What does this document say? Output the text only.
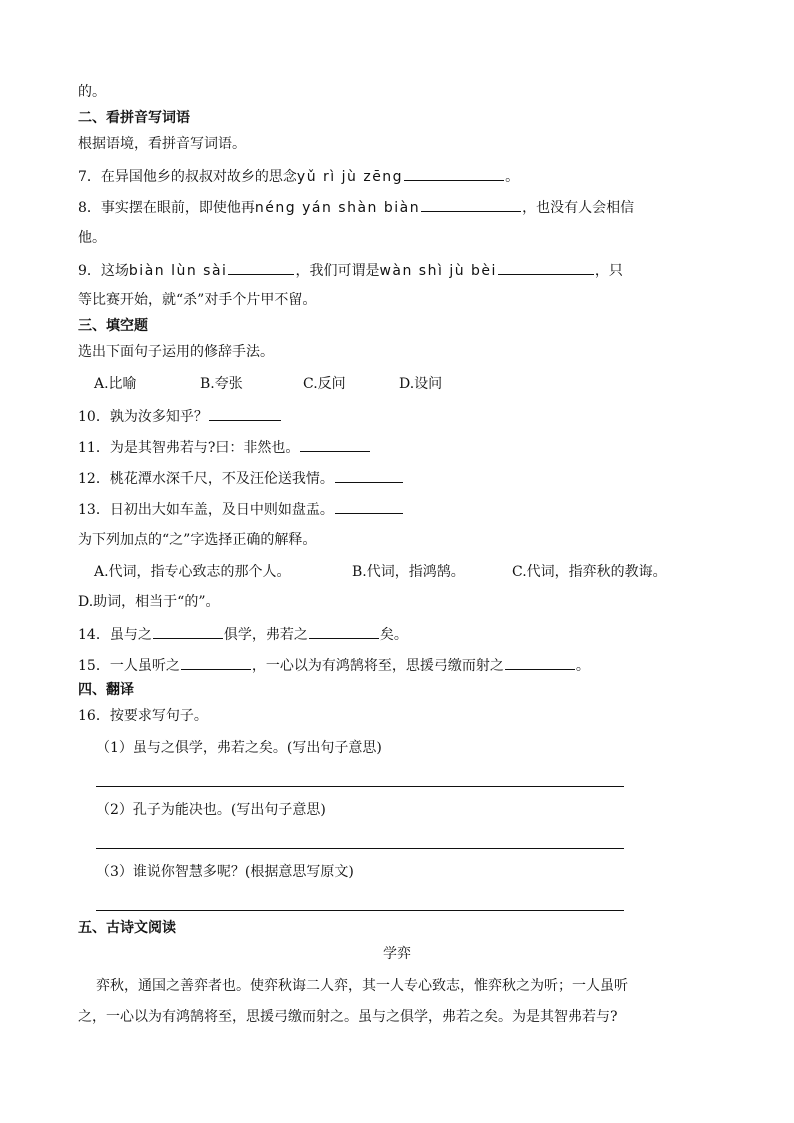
的。
二、看拼音写词语
根据语境，看拼音写词语。
7．在异国他乡的叔叔对故乡的思念yǔ rì jù zēng	。
8．事实摆在眼前，即使他再néng yán shàn biàn	，也没有人会相信
他。
9．这场biàn lùn sài	，我们可谓是wàn shì jù bèi	，只
等比赛开始，就“杀”对手个片甲不留。
三、填空题
选出下面句子运用的修辞手法。
A.比喻	B.夸张	C.反问	D.设问
10．孰为汝多知乎？
11．为是其智弗若与?曰：非然也。
12．桃花潭水深千尺，不及汪伦送我情。
13．日初出大如车盖，及日中则如盘盂。
为下列加点的“之”字选择正确的解释。
A.代词，指专心致志的那个人。	B.代词，指鸿鹄。	C.代词，指弈秋的教诲。
D.助词，相当于“的”。
14．虽与之	俱学，弗若之	矣。
15．一人虽听之	，一心以为有鸿鹄将至，思援弓缴而射之	。
四、翻译
16．按要求写句子。
（1）虽与之俱学，弗若之矣。(写出句子意思)
（2）孔子为能决也。(写出句子意思)
（3）谁说你智慧多呢？(根据意思写原文)
五、古诗文阅读
学弈
弈秋，通国之善弈者也。使弈秋诲二人弈，其一人专心致志，惟弈秋之为听；一人虽听
之，一心以为有鸿鹄将至，思援弓缴而射之。虽与之俱学，弗若之矣。为是其智弗若与?
